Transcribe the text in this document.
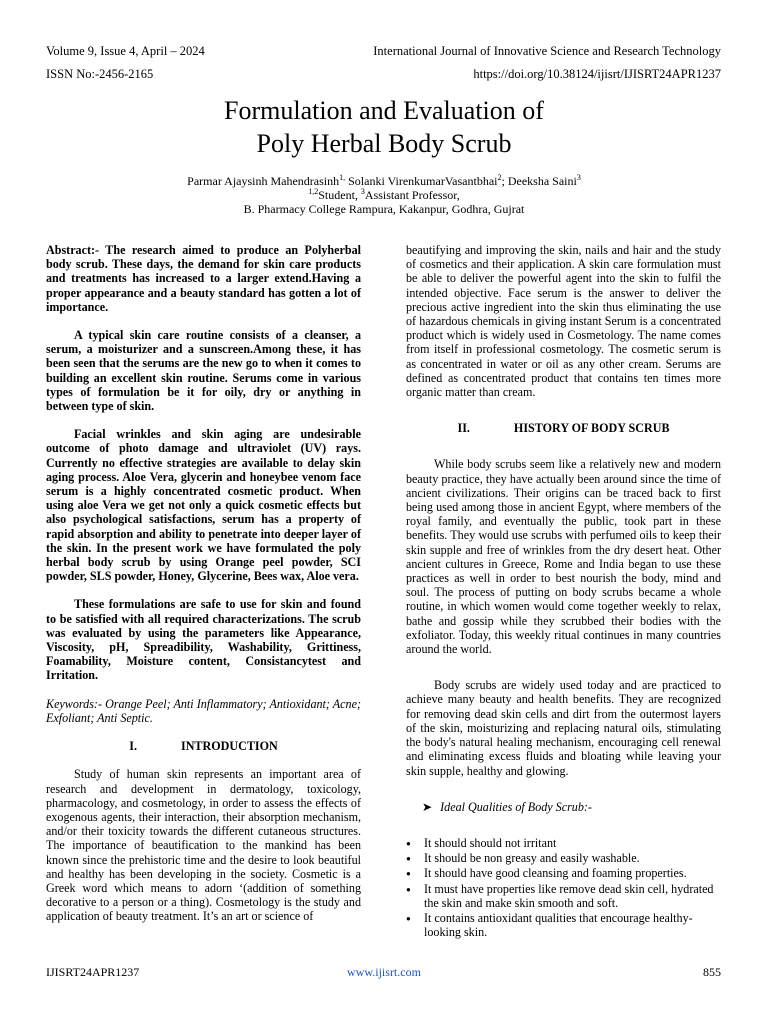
Volume 9, Issue 4, April – 2024	International Journal of Innovative Science and Research Technology
ISSN No:-2456-2165	https://doi.org/10.38124/ijisrt/IJISRT24APR1237
Formulation and Evaluation of
Poly Herbal Body Scrub
Parmar Ajaysinh Mahendrasinh$^{1,}$ Solanki VirenkumarVasantbhai$^2$; Deeksha Saini$^3$
$^{1,2}$Student, $^3$Assistant Professor,
B. Pharmacy College Rampura, Kakanpur, Godhra, Gujrat

Abstract:- The research aimed to produce an Polyherbal body scrub. These days, the demand for skin care products and treatments has increased to a larger extend.Having a proper appearance and a beauty standard has gotten a lot of importance.

A typical skin care routine consists of a cleanser, a serum, a moisturizer and a sunscreen.Among these, it has been seen that the serums are the new go to when it comes to building an excellent skin routine. Serums come in various types of formulation be it for oily, dry or anything in between type of skin.

Facial wrinkles and skin aging are undesirable outcome of photo damage and ultraviolet (UV) rays. Currently no effective strategies are available to delay skin aging process. Aloe Vera, glycerin and honeybee venom face serum is a highly concentrated cosmetic product. When using aloe Vera we get not only a quick cosmetic effects but also psychological satisfactions, serum has a property of rapid absorption and ability to penetrate into deeper layer of the skin. In the present work we have formulated the poly herbal body scrub by using Orange peel powder, SCI powder, SLS powder, Honey, Glycerine, Bees wax, Aloe vera.

These formulations are safe to use for skin and found to be satisfied with all required characterizations. The scrub was evaluated by using the parameters like Appearance, Viscosity, pH, Spreadibility, Washability, Grittiness, Foamability, Moisture content, Consistancytest and Irritation.

Keywords:- Orange Peel; Anti Inflammatory; Antioxidant; Acne; Exfoliant; Anti Septic.

I.	INTRODUCTION

Study of human skin represents an important area of research and development in dermatology, toxicology, pharmacology, and cosmetology, in order to assess the effects of exogenous agents, their interaction, their absorption mechanism, and/or their toxicity towards the different cutaneous structures. The importance of beautification to the mankind has been known since the prehistoric time and the desire to look beautiful and healthy has been developing in the society. Cosmetic is a Greek word which means to adorn ‘(addition of something decorative to a person or a thing). Cosmetology is the study and application of beauty treatment. It’s an art or science of

beautifying and improving the skin, nails and hair and the study of cosmetics and their application. A skin care formulation must be able to deliver the powerful agent into the skin to fulfil the intended objective. Face serum is the answer to deliver the precious active ingredient into the skin thus eliminating the use of hazardous chemicals in giving instant Serum is a concentrated product which is widely used in Cosmetology. The name comes from itself in professional cosmetology. The cosmetic serum is as concentrated in water or oil as any other cream. Serums are defined as concentrated product that contains ten times more organic matter than cream.

II.	HISTORY OF BODY SCRUB

While body scrubs seem like a relatively new and modern beauty practice, they have actually been around since the time of ancient civilizations. Their origins can be traced back to first being used among those in ancient Egypt, where members of the royal family, and eventually the public, took part in these benefits. They would use scrubs with perfumed oils to keep their skin supple and free of wrinkles from the dry desert heat. Other ancient cultures in Greece, Rome and India began to use these practices as well in order to best nourish the body, mind and soul. The process of putting on body scrubs became a whole routine, in which women would come together weekly to relax, bathe and gossip while they scrubbed their bodies with the exfoliator. Today, this weekly ritual continues in many countries around the world.

Body scrubs are widely used today and are practiced to achieve many beauty and health benefits. They are recognized for removing dead skin cells and dirt from the outermost layers of the skin, moisturizing and replacing natural oils, stimulating the body's natural healing mechanism, encouraging cell renewal and eliminating excess fluids and bloating while leaving your skin supple, healthy and glowing.

➤ Ideal Qualities of Body Scrub:-
● It should should not irritant
● It should be non greasy and easily washable.
● It should have good cleansing and foaming properties.
● It must have properties like remove dead skin cell, hydrated the skin and make skin smooth and soft.
● It contains antioxidant qualities that encourage healthy-looking skin.
IJISRT24APR1237	www.ijisrt.com	855
